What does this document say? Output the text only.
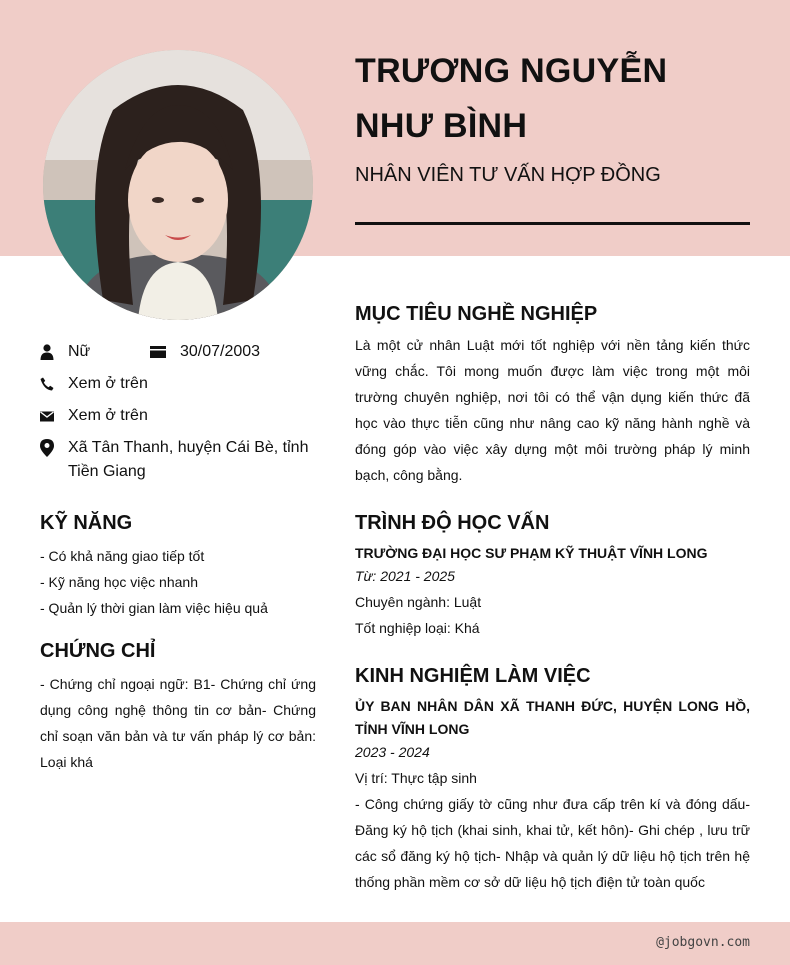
TRƯƠNG NGUYỄN NHƯ BÌNH
NHÂN VIÊN TƯ VẤN HỢP ĐỒNG
Nữ	30/07/2003
Xem ở trên
Xem ở trên
Xã Tân Thanh, huyện Cái Bè, tỉnh Tiền Giang
KỸ NĂNG
- Có khả năng giao tiếp tốt
- Kỹ năng học việc nhanh
- Quản lý thời gian làm việc hiệu quả
CHỨNG CHỈ
- Chứng chỉ ngoại ngữ: B1- Chứng chỉ ứng dụng công nghệ thông tin cơ bản- Chứng chỉ soạn văn bản và tư vấn pháp lý cơ bản: Loại khá
MỤC TIÊU NGHỀ NGHIỆP
Là một cử nhân Luật mới tốt nghiệp với nền tảng kiến thức vững chắc. Tôi mong muốn được làm việc trong một môi trường chuyên nghiệp, nơi tôi có thể vận dụng kiến thức đã học vào thực tiễn cũng như nâng cao kỹ năng hành nghề và đóng góp vào việc xây dựng một môi trường pháp lý minh bạch, công bằng.
TRÌNH ĐỘ HỌC VẤN
TRƯỜNG ĐẠI HỌC SƯ PHẠM KỸ THUẬT VĨNH LONG
Từ: 2021 - 2025
Chuyên ngành: Luật
Tốt nghiệp loại: Khá
KINH NGHIỆM LÀM VIỆC
ỦY BAN NHÂN DÂN XÃ THANH ĐỨC, HUYỆN LONG HỒ, TỈNH VĨNH LONG
2023 - 2024
Vị trí: Thực tập sinh
- Công chứng giấy tờ cũng như đưa cấp trên kí và đóng dấu- Đăng ký hộ tịch (khai sinh, khai tử, kết hôn)- Ghi chép , lưu trữ các sổ đăng ký hộ tịch- Nhập và quản lý dữ liệu hộ tịch trên hệ thống phần mềm cơ sở dữ liệu hộ tịch điện tử toàn quốc
@jobgovn.com
